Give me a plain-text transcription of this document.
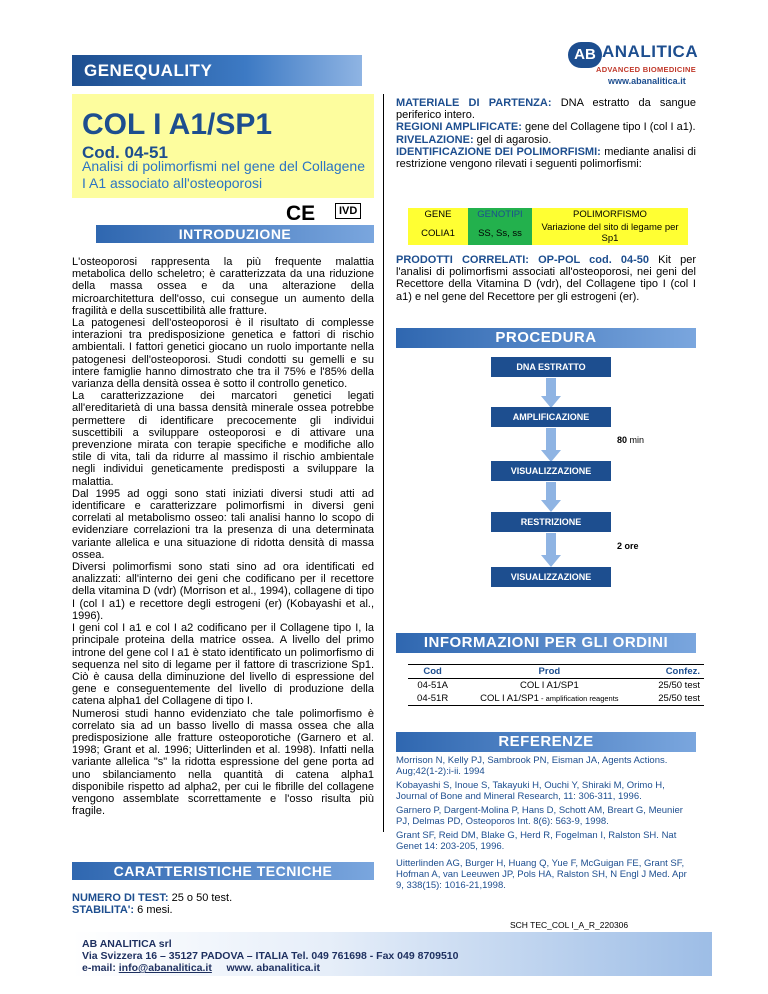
GENEQUALITY
AB ANALITICA
ADVANCED BIOMEDICINE
www.abanalitica.it
COL I A1/SP1
Cod. 04-51
Analisi di polimorfismi nel gene del Collagene I A1 associato all'osteoporosi
CE	IVD
INTRODUZIONE

L'osteoporosi rappresenta la più frequente malattia metabolica dello scheletro; è caratterizzata da una riduzione della massa ossea e da una alterazione della microarchitettura dell'osso, cui consegue un aumento della fragilità e della suscettibilità alle fratture.

La patogenesi dell'osteoporosi è il risultato di complesse interazioni tra predisposizione genetica e fattori di rischio ambientali. I fattori genetici giocano un ruolo importante nella patogenesi dell'osteoporosi. Studi condotti su gemelli e su intere famiglie hanno dimostrato che tra il 75% e l'85% della varianza della densità ossea è sotto il controllo genetico.

La caratterizzazione dei marcatori genetici legati all'ereditarietà di una bassa densità minerale ossea potrebbe permettere di identificare precocemente gli individui suscettibili a sviluppare osteoporosi e di attivare una prevenzione mirata con terapie specifiche e modifiche allo stile di vita, tali da ridurre al massimo il rischio ambientale negli individui geneticamente predisposti a sviluppare la malattia.

Dal 1995 ad oggi sono stati iniziati diversi studi atti ad identificare e caratterizzare polimorfismi in diversi geni correlati al metabolismo osseo: tali analisi hanno lo scopo di evidenziare correlazioni tra la presenza di una determinata variante allelica e una situazione di ridotta densità di massa ossea.

Diversi polimorfismi sono stati sino ad ora identificati ed analizzati: all'interno dei geni che codificano per il recettore della vitamina D (vdr) (Morrison et al., 1994), collagene di tipo I (col I a1) e recettore degli estrogeni (er) (Kobayashi et al., 1996).

I geni col I a1 e col I a2 codificano per il Collagene tipo I, la principale proteina della matrice ossea. A livello del primo introne del gene col I a1 è stato identificato un polimorfismo di sequenza nel sito di legame per il fattore di trascrizione Sp1. Ciò è causa della diminuzione del livello di espressione del gene e conseguentemente del livello di produzione della catena alpha1 del Collagene di tipo I.

Numerosi studi hanno evidenziato che tale polimorfismo è correlato sia ad un basso livello di massa ossea che alla predisposizione alle fratture osteoporotiche (Garnero et al. 1998; Grant et al. 1996; Uitterlinden et al. 1998). Infatti nella variante allelica "s" la ridotta espressione del gene porta ad uno sbilanciamento nella quantità di catena alpha1 disponibile rispetto ad alpha2, per cui le fibrille del collagene vengono assemblate scorrettamente e l'osso risulta più fragile.

CARATTERISTICHE TECNICHE
NUMERO DI TEST: 25 o 50 test.
STABILITA': 6 mesi.
MATERIALE DI PARTENZA: DNA estratto da sangue periferico intero.
REGIONI AMPLIFICATE: gene del Collagene tipo I (col I a1).
RIVELAZIONE: gel di agarosio.
IDENTIFICAZIONE DEI POLIMORFISMI: mediante analisi di restrizione vengono rilevati i seguenti polimorfismi:
GENE	GENOTIPI	POLIMORFISMO
COLIA1	SS, Ss, ss	Variazione del sito di legame per Sp1
PRODOTTI CORRELATI: OP-POL cod. 04-50 Kit per l'analisi di polimorfismi associati all'osteoporosi, nei geni del Recettore della Vitamina D (vdr), del Collagene tipo I (col I a1) e nel gene del Recettore per gli estrogeni (er).
PROCEDURA
DNA ESTRATTO
AMPLIFICAZIONE
80 min
VISUALIZZAZIONE
RESTRIZIONE
2 ore
VISUALIZZAZIONE
INFORMAZIONI PER GLI ORDINI
Cod	Prod	Confez.
04-51A	COL I A1/SP1	25/50 test
04-51R	COL I A1/SP1 - amplification reagents	25/50 test
REFERENZE
Morrison N, Kelly PJ, Sambrook PN, Eisman JA, Agents Actions. Aug;42(1-2):i-ii. 1994
Kobayashi S, Inoue S, Takayuki H, Ouchi Y, Shiraki M, Orimo H, Journal of Bone and Mineral Research, 11: 306-311, 1996.
Garnero P, Dargent-Molina P, Hans D, Schott AM, Breart G, Meunier PJ, Delmas PD, Osteoporos Int. 8(6): 563-9, 1998.
Grant SF, Reid DM, Blake G, Herd R, Fogelman I, Ralston SH. Nat Genet 14: 203-205, 1996.
Uitterlinden AG, Burger H, Huang Q, Yue F, McGuigan FE, Grant SF, Hofman A, van Leeuwen JP, Pols HA, Ralston SH, N Engl J Med. Apr 9, 338(15): 1016-21,1998.
SCH TEC_COL I_A_R_220306
AB ANALITICA srl
Via Svizzera 16 – 35127 PADOVA – ITALIA Tel. 049 761698 - Fax 049 8709510
e-mail: info@abanalitica.it www. abanalitica.it
